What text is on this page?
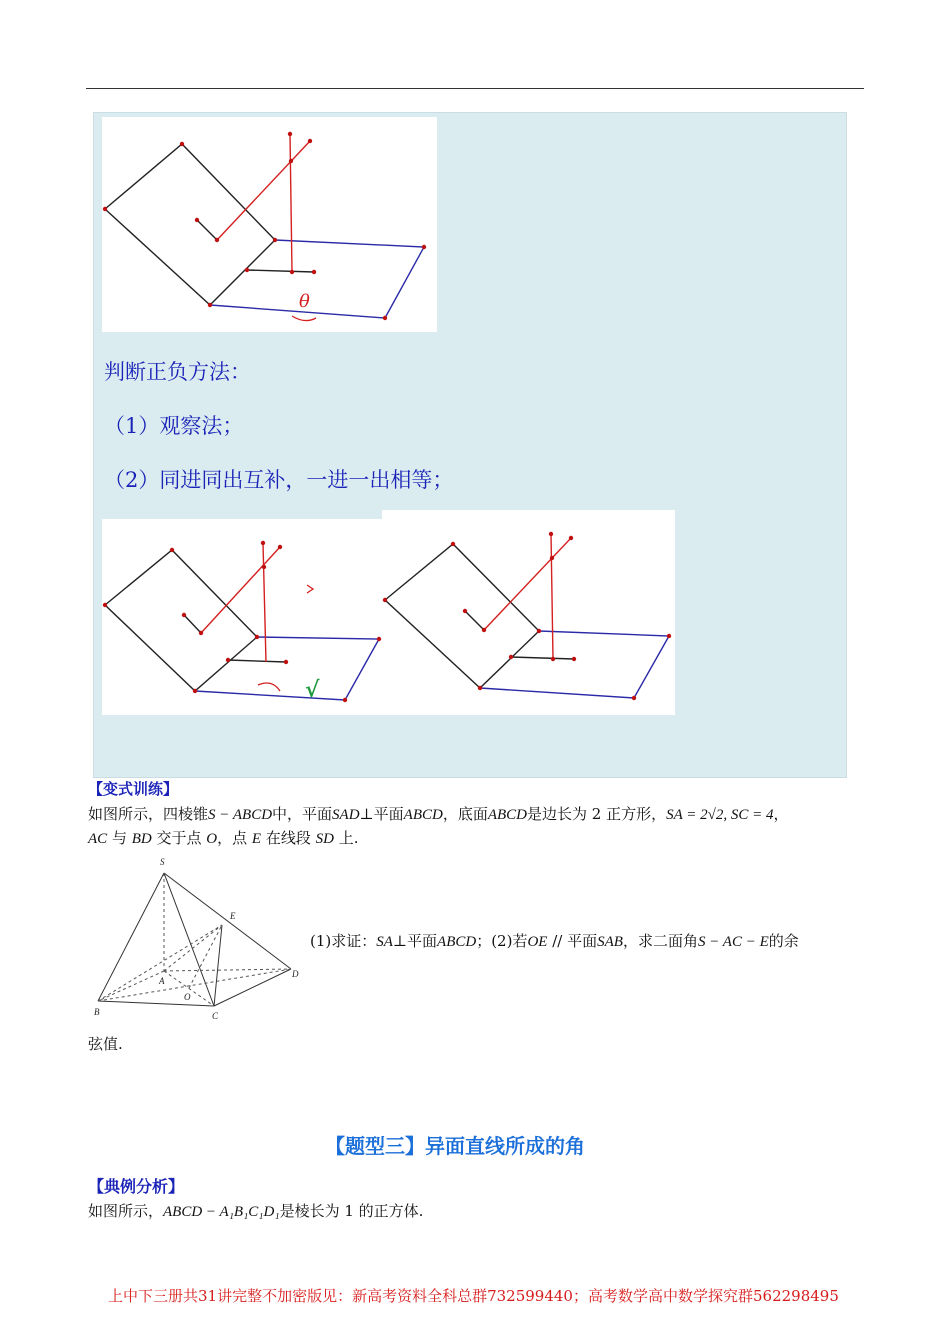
θ
判断正负方法：
（1）观察法；
（2）同进同出互补，一进一出相等；
√
【变式训练】
如图所示，四棱锥S − ABCD中，平面SAD⊥平面ABCD，底面ABCD是边长为 2 正方形，SA = 2√2, SC = 4，
AC 与 BD 交于点 O，点 E 在线段 SD 上.
S
E
A
D
O
B	C
(1)求证：SA⊥平面ABCD；(2)若OE // 平面SAB，求二面角S − AC − E的余
弦值.
【题型三】异面直线所成的角
【典例分析】
如图所示，ABCD − A₁B₁C₁D₁是棱长为 1 的正方体.
上中下三册共31讲完整不加密版见：新高考资料全科总群732599440；高考数学高中数学探究群562298495
